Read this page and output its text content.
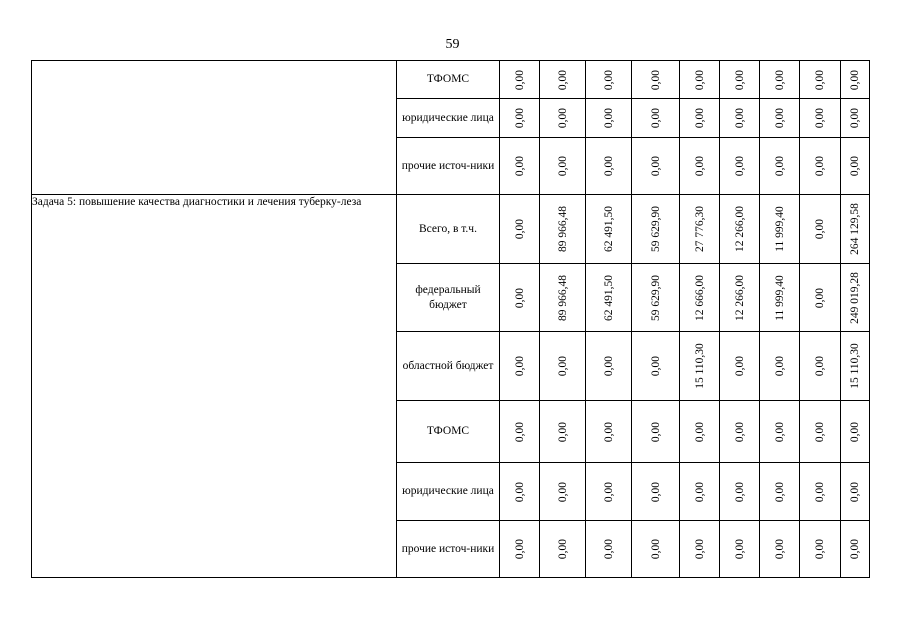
59
	ТФОМС	0,00	0,00	0,00	0,00	0,00	0,00	0,00	0,00	0,00

	юридические лица	0,00	0,00	0,00	0,00	0,00	0,00	0,00	0,00	0,00

	прочие источ-ники	0,00	0,00	0,00	0,00	0,00	0,00	0,00	0,00	0,00

Задача 5: повышение качества диагностики и лечения туберку-леза	Всего, в т.ч.	0,00	89 966,48	62 491,50	59 629,90	27 776,30	12 266,00	11 999,40	0,00	264 129,58

	федеральный бюджет	0,00	89 966,48	62 491,50	59 629,90	12 666,00	12 266,00	11 999,40	0,00	249 019,28

	областной бюджет	0,00	0,00	0,00	0,00	15 110,30	0,00	0,00	0,00	15 110,30

	ТФОМС	0,00	0,00	0,00	0,00	0,00	0,00	0,00	0,00	0,00

	юридические лица	0,00	0,00	0,00	0,00	0,00	0,00	0,00	0,00	0,00

	прочие источ-ники	0,00	0,00	0,00	0,00	0,00	0,00	0,00	0,00	0,00
